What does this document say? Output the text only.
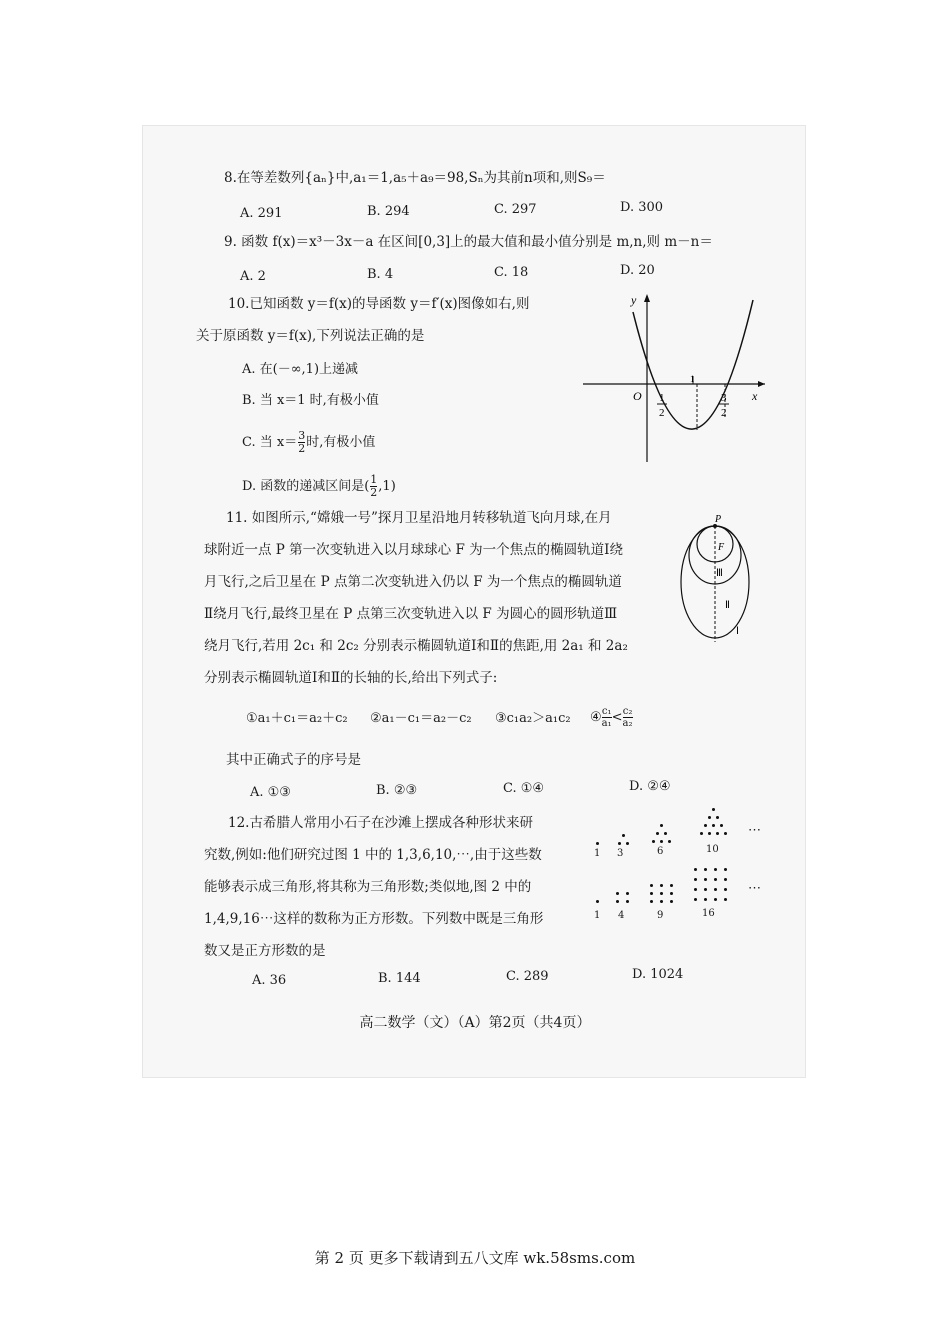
8.在等差数列{aₙ}中,a₁＝1,a₅＋a₉＝98,Sₙ为其前n项和,则S₉＝
A. 291	B. 294	C. 297	D. 300
9. 函数 f(x)＝x³－3x－a 在区间[0,3]上的最大值和最小值分别是 m,n,则 m－n＝
A. 2	B. 4	C. 18	D. 20
10.已知函数 y＝f(x)的导函数 y＝f′(x)图像如右,则
关于原函数 y＝f(x),下列说法正确的是
A. 在(－∞,1)上递减
B. 当 x＝1 时,有极小值
C. 当 $x= \frac{3}{2}$ 时,有极小值
D. 函数的递减区间是( $\frac{1}{2} ,1$)
y
x
O
1
1
2
3
2
11. 如图所示,“嫦娥一号”探月卫星沿地月转移轨道飞向月球,在月
球附近一点 P 第一次变轨进入以月球球心 F 为一个焦点的椭圆轨道Ⅰ绕
月飞行,之后卫星在 P 点第二次变轨进入仍以 F 为一个焦点的椭圆轨道
Ⅱ绕月飞行,最终卫星在 P 点第三次变轨进入以 F 为圆心的圆形轨道Ⅲ
绕月飞行,若用 2c₁ 和 2c₂ 分别表示椭圆轨道Ⅰ和Ⅱ的焦距,用 2a₁ 和 2a₂
分别表示椭圆轨道Ⅰ和Ⅱ的长轴的长,给出下列式子:
①a₁＋c₁＝a₂＋c₂ ②a₁－c₁＝a₂－c₂ ③c₁a₂＞a₁c₂ ④ $\frac{\text{c₁}}{\text{a₁}} < \frac{\text{c₂}}{\text{a₂}}$
其中正确式子的序号是
A. ①③	B. ②③	C. ①④	D. ②④
P
F
Ⅲ
Ⅱ
Ⅰ
12.古希腊人常用小石子在沙滩上摆成各种形状来研
究数,例如:他们研究过图 1 中的 1,3,6,10,⋯,由于这些数
能够表示成三角形,将其称为三角形数;类似地,图 2 中的
1,4,9,16⋯这样的数称为正方形数。下列数中既是三角形
数又是正方形数的是
A. 36	B. 144	C. 289	D. 1024
1 3	6	10
⋯
1 4	9	16
⋯
高二数学（文）（A）第2页（共4页）
第 2 页 更多下载请到五八文库 wk.58sms.com
